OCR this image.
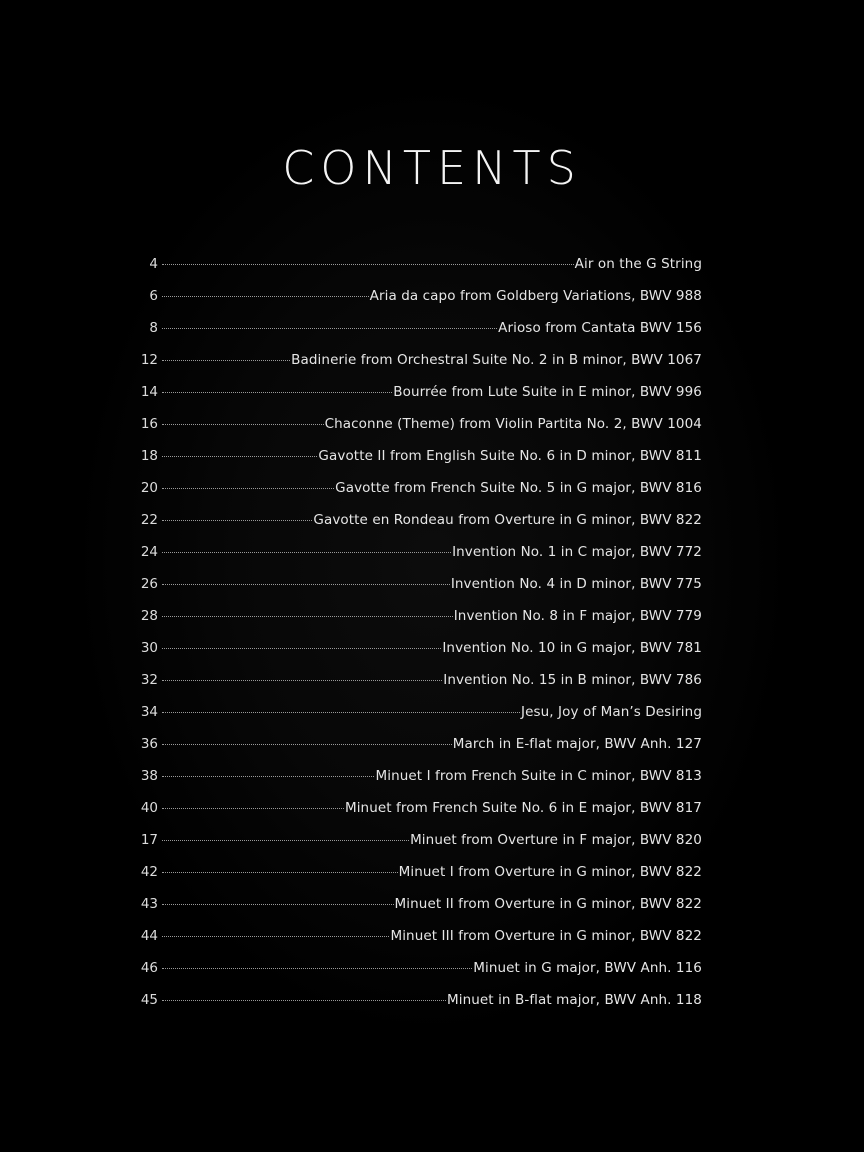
CONTENTS
4	Air on the G String
6	Aria da capo from Goldberg Variations, BWV 988
8	Arioso from Cantata BWV 156
12	Badinerie from Orchestral Suite No. 2 in B minor, BWV 1067
14	Bourrée from Lute Suite in E minor, BWV 996
16	Chaconne (Theme) from Violin Partita No. 2, BWV 1004
18	Gavotte II from English Suite No. 6 in D minor, BWV 811
20	Gavotte from French Suite No. 5 in G major, BWV 816
22	Gavotte en Rondeau from Overture in G minor, BWV 822
24	Invention No. 1 in C major, BWV 772
26	Invention No. 4 in D minor, BWV 775
28	Invention No. 8 in F major, BWV 779
30	Invention No. 10 in G major, BWV 781
32	Invention No. 15 in B minor, BWV 786
34	Jesu, Joy of Man’s Desiring
36	March in E-flat major, BWV Anh. 127
38	Minuet I from French Suite in C minor, BWV 813
40	Minuet from French Suite No. 6 in E major, BWV 817
17	Minuet from Overture in F major, BWV 820
42	Minuet I from Overture in G minor, BWV 822
43	Minuet II from Overture in G minor, BWV 822
44	Minuet III from Overture in G minor, BWV 822
46	Minuet in G major, BWV Anh. 116
45	Minuet in B-flat major, BWV Anh. 118
